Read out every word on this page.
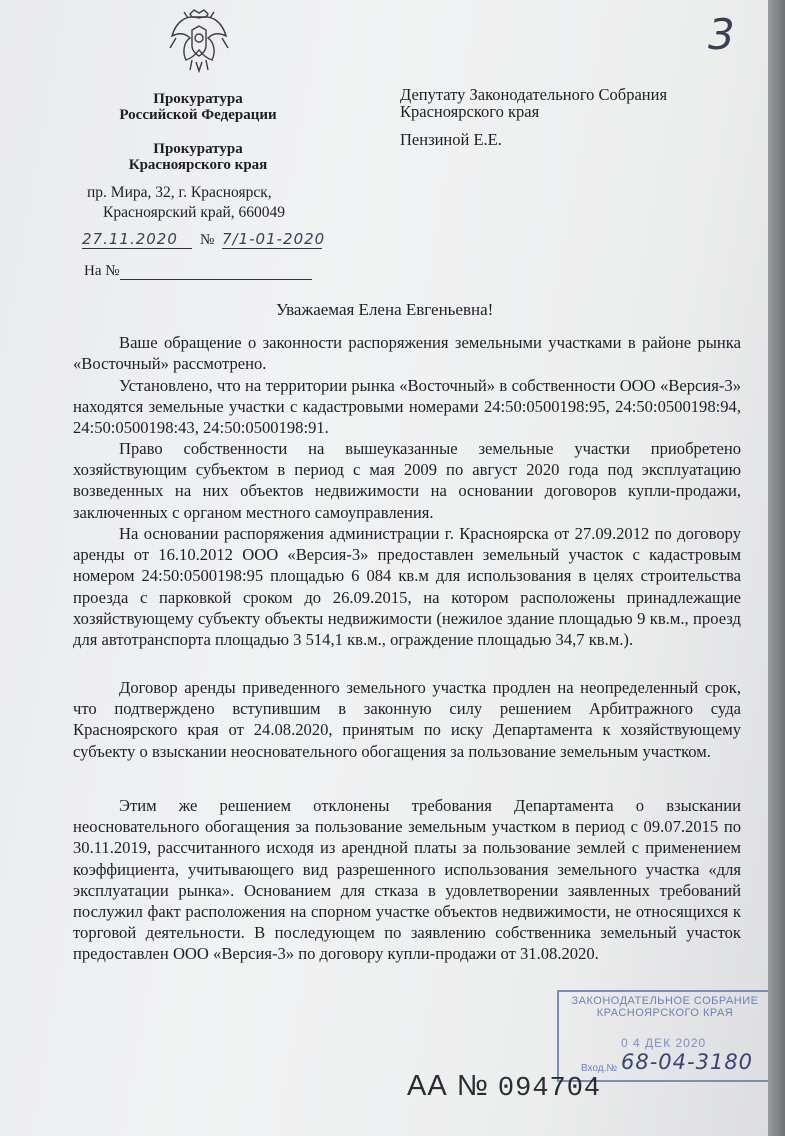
Прокуратура
Российской Федерации
Прокуратура
Красноярского края
пр. Мира, 32, г. Красноярск,
Красноярский край, 660049
3
27.11.2020	№ 7/1-01-2020
На №
Депутату Законодательного Собрания
Красноярского края
Пензиной Е.Е.
Уважаемая Елена Евгеньевна!
Ваше обращение о законности распоряжения земельными участками в районе рынка «Восточный» рассмотрено.
Установлено, что на территории рынка «Восточный» в собственности ООО «Версия-3» находятся земельные участки с кадастровыми номерами 24:50:0500198:95, 24:50:0500198:94, 24:50:0500198:43, 24:50:0500198:91.
Право собственности на вышеуказанные земельные участки приобретено хозяйствующим субъектом в период с мая 2009 по август 2020 года под эксплуатацию возведенных на них объектов недвижимости на основании договоров купли-продажи, заключенных с органом местного самоуправления.
На основании распоряжения администрации г. Красноярска от 27.09.2012 по договору аренды от 16.10.2012 ООО «Версия-3» предоставлен земельный участок с кадастровым номером 24:50:0500198:95 площадью 6 084 кв.м для использования в целях строительства проезда с парковкой сроком до 26.09.2015, на котором расположены принадлежащие хозяйствующему субъекту объекты недвижимости (нежилое здание площадью 9 кв.м., проезд для автотранспорта площадью 3 514,1 кв.м., ограждение площадью 34,7 кв.м.).
Договор аренды приведенного земельного участка продлен на неопределенный срок, что подтверждено вступившим в законную силу решением Арбитражного суда Красноярского края от 24.08.2020, принятым по иску Департамента к хозяйствующему субъекту о взыскании неосновательного обогащения за пользование земельным участком.
Этим же решением отклонены требования Департамента о взыскании неосновательного обогащения за пользование земельным участком в период с 09.07.2015 по 30.11.2019, рассчитанного исходя из арендной платы за пользование землей с применением коэффициента, учитывающего вид разрешенного использования земельного участка «для эксплуатации рынка». Основанием для стказа в удовлетворении заявленных требований послужил факт расположения на спорном участке объектов недвижимости, не относящихся к торговой деятельности. В последующем по заявлению собственника земельный участок предоставлен ООО «Версия-3» по договору купли-продажи от 31.08.2020.
ЗАКОНОДАТЕЛЬНОЕ СОБРАНИЕ
КРАСНОЯРСКОГО КРАЯ
0 4 ДЕК 2020
Вход.№ 68-04-3180
АА № 094704
